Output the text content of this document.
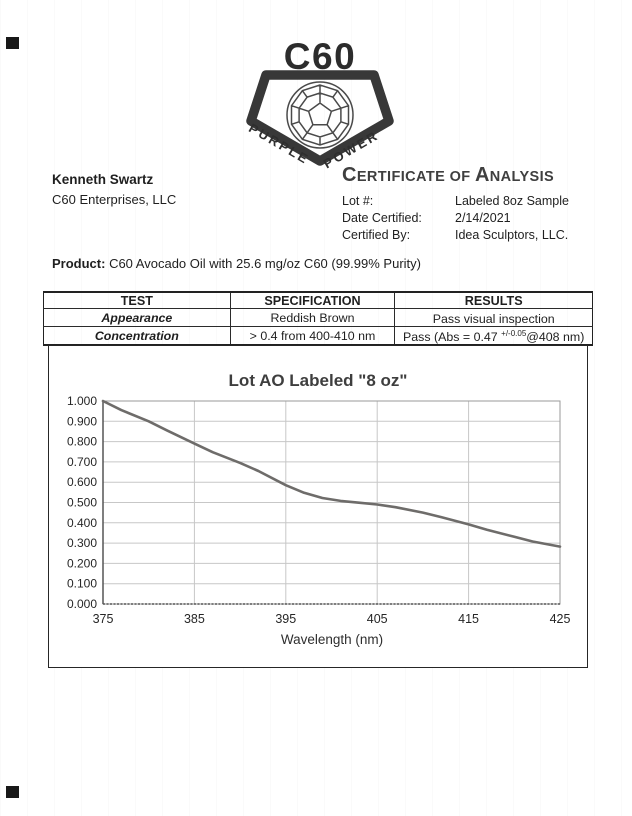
C60
PURPLE POWER
Kenneth Swartz
C60 Enterprises, LLC
CERTIFICATE OF ANALYSIS
Lot #:	Labeled 8oz Sample
Date Certified:	2/14/2021
Certified By:	Idea Sculptors, LLC.
Product: C60 Avocado Oil with 25.6 mg/oz C60 (99.99% Purity)
TEST	SPECIFICATION	RESULTS
Appearance	Reddish Brown	Pass visual inspection
Concentration	> 0.4 from 400-410 nm	Pass (Abs = 0.47 $^{+/-0.05}$@408 nm)
Lot AO Labeled "8 oz"
Wavelength (nm)
0.000
0.100
0.200
0.300
0.400
0.500
0.600
0.700
0.800
0.900
1.000
375	385	395	405	415	425
